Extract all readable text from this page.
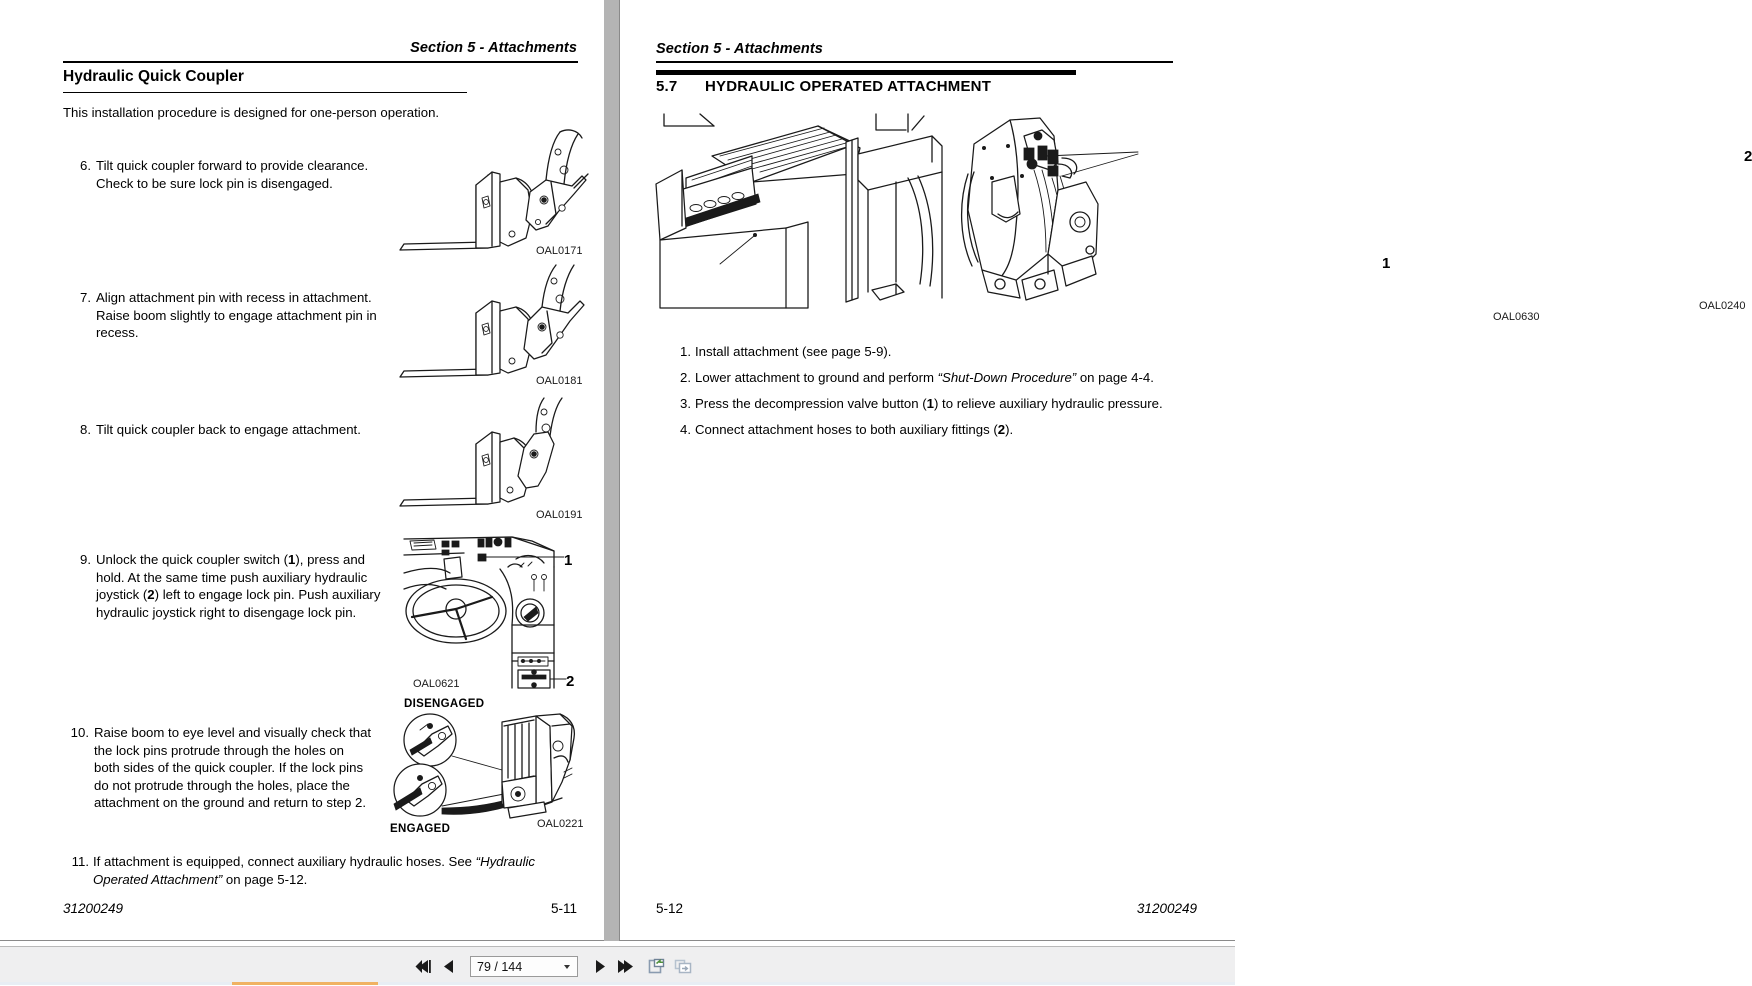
Section 5 - Attachments
Hydraulic Quick Coupler
This installation procedure is designed for one-person operation.
6. Tilt quick coupler forward to provide clearance. Check to be sure lock pin is disengaged.
OAL0171
7. Align attachment pin with recess in attachment. Raise boom slightly to engage attachment pin in recess.
OAL0181
8. Tilt quick coupler back to engage attachment.
OAL0191
9. Unlock the quick coupler switch (1), press and hold. At the same time push auxiliary hydraulic joystick (2) left to engage lock pin. Push auxiliary hydraulic joystick right to disengage lock pin.
1
2
OAL0621
10. Raise boom to eye level and visually check that the lock pins protrude through the holes on both sides of the quick coupler. If the lock pins do not protrude through the holes, place the attachment on the ground and return to step 2.
DISENGAGED
ENGAGED	OAL0221
11. If attachment is equipped, connect auxiliary hydraulic hoses. See “Hydraulic Operated Attachment” on page 5-12.
31200249	5-11
Section 5 - Attachments
5.7 HYDRAULIC OPERATED ATTACHMENT
1
OAL0630
2
OAL0240
1. Install attachment (see page 5-9).
2. Lower attachment to ground and perform “Shut-Down Procedure” on page 4-4.
3. Press the decompression valve button (1) to relieve auxiliary hydraulic pressure.
4. Connect attachment hoses to both auxiliary fittings (2).
5-12	31200249
79 / 144
